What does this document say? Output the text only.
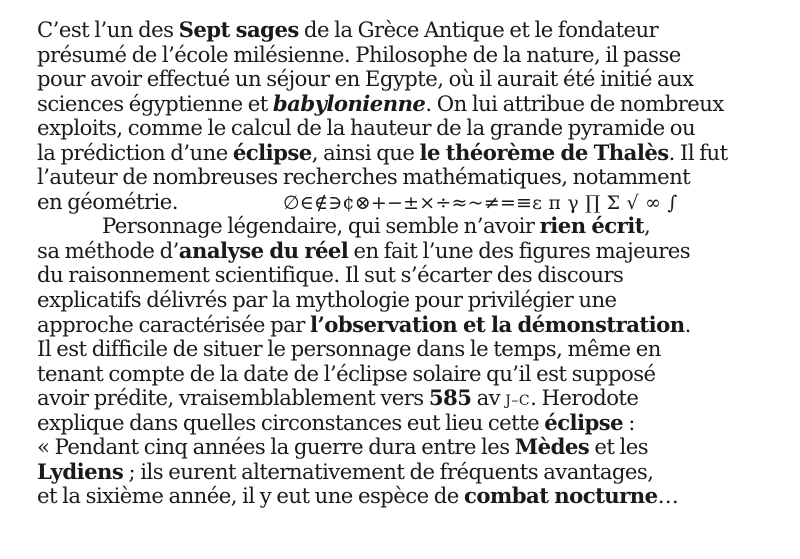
C’est l’un des Sept sages de la Grèce Antique et le fondateur
présumé de l’école milésienne. Philosophe de la nature, il passe
pour avoir effectué un séjour en Egypte, où il aurait été initié aux
sciences égyptienne et babylonienne. On lui attribue de nombreux
exploits, comme le calcul de la hauteur de la grande pyramide ou
la prédiction d’une éclipse, ainsi que le théorème de Thalès. Il fut
l’auteur de nombreuses recherches mathématiques, notamment
en géométrie.	∅∈∉∋¢⊗+−±×÷≈~≠=≡ε π γ ∏ Σ √ ∞ ∫
Personnage légendaire, qui semble n’avoir rien écrit,
sa méthode d’analyse du réel en fait l’une des figures majeures
du raisonnement scientifique. Il sut s’écarter des discours
explicatifs délivrés par la mythologie pour privilégier une
approche caractérisée par l’observation et la démonstration.
Il est difficile de situer le personnage dans le temps, même en
tenant compte de la date de l’éclipse solaire qu’il est supposé
avoir prédite, vraisemblablement vers 585 av J–C. Herodote
explique dans quelles circonstances eut lieu cette éclipse :
« Pendant cinq années la guerre dura entre les Mèdes et les
Lydiens ; ils eurent alternativement de fréquents avantages,
et la sixième année, il y eut une espèce de combat nocturne…
